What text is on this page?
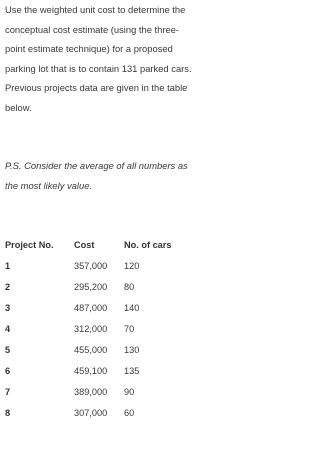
Use the weighted unit cost to determine the
conceptual cost estimate (using the three-
point estimate technique) for a proposed
parking lot that is to contain 131 parked cars.
Previous projects data are given in the table
below.
P.S. Consider the average of all numbers as
the most likely value.
Project No.	Cost	No. of cars
1	357,000	120
2	295,200	80
3	487,000	140
4	312,000	70
5	455,000	130
6	459,100	135
7	389,000	90
8	307,000	60
